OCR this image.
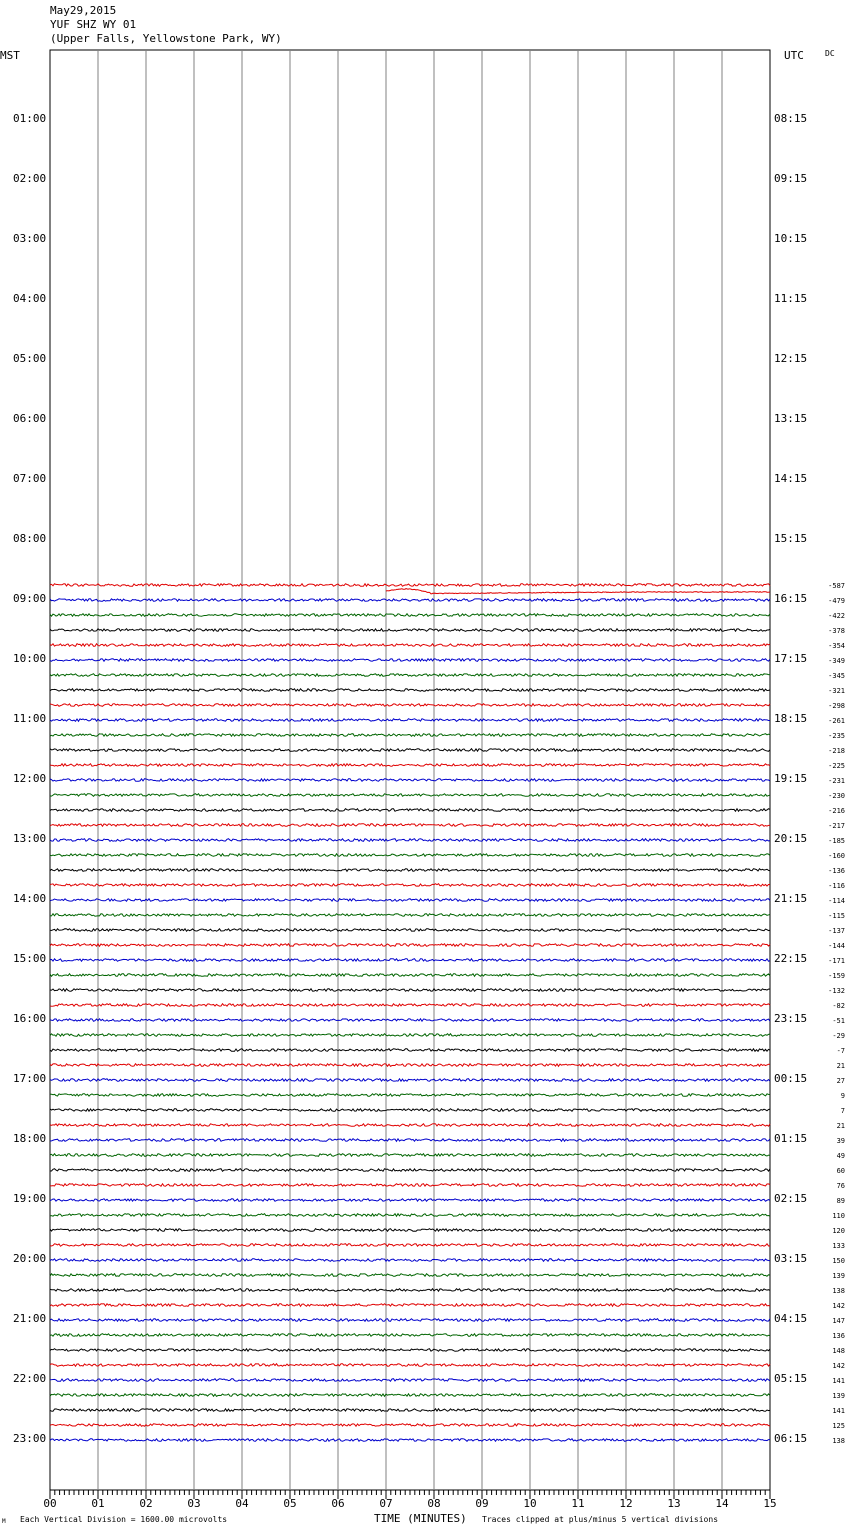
May29,2015
YUF SHZ WY 01
(Upper Falls, Yellowstone Park, WY)
MST	UTC	DC
00	01	02	03	04	05	06	07	08	09	10	11	12	13	14	15
01:00	08:15
02:00	09:15
03:00	10:15
04:00	11:15
05:00	12:15
06:00	13:15
07:00	14:15
08:00	15:15
09:00	16:15
10:00	17:15
11:00	18:15
12:00	19:15
13:00	20:15
14:00	21:15
15:00	22:15
16:00	23:15
17:00	00:15
18:00	01:15
19:00	02:15
20:00	03:15
21:00	04:15
22:00	05:15
23:00	06:15
-587
-479
-422
-378
-354
-349
-345
-321
-298
-261
-235
-218
-225
-231
-230
-216
-217
-185
-160
-136
-116
-114
-115
-137
-144
-171
-159
-132
-82
-51
-29
-7
21
27
9
7
21
39
49
60
76
89
110
120
133
150
139
138
142
147
136
148
142
141
139
141
125
138
M Each Vertical Division = 1600.00 microvolts	TIME (MINUTES) Traces clipped at plus/minus 5 vertical divisions
